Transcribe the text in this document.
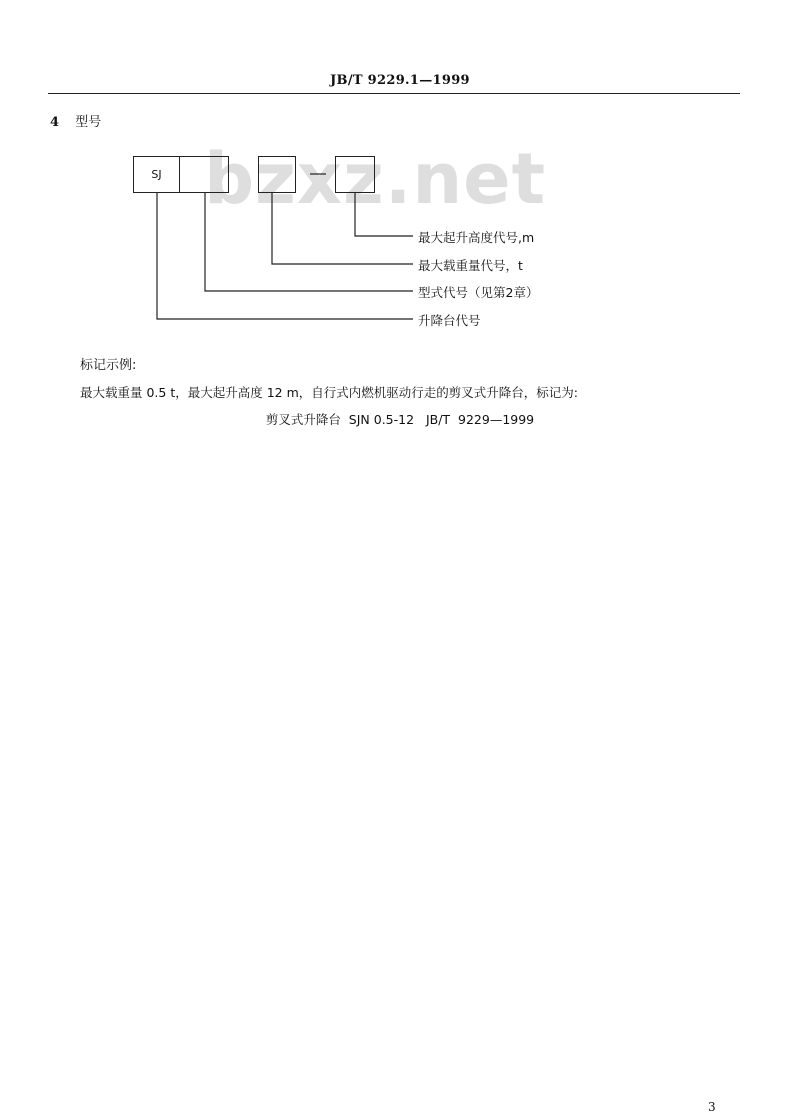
JB/T 9229.1—1999
4 型号
bzxz.net
SJ
最大起升高度代号,m
最大载重量代号，t
型式代号（见第2章）
升降台代号
标记示例:
最大载重量 0.5 t，最大起升高度 12 m，自行式内燃机驱动行走的剪叉式升降台，标记为:
剪叉式升降台  SJN 0.5-12   JB/T  9229—1999
3
